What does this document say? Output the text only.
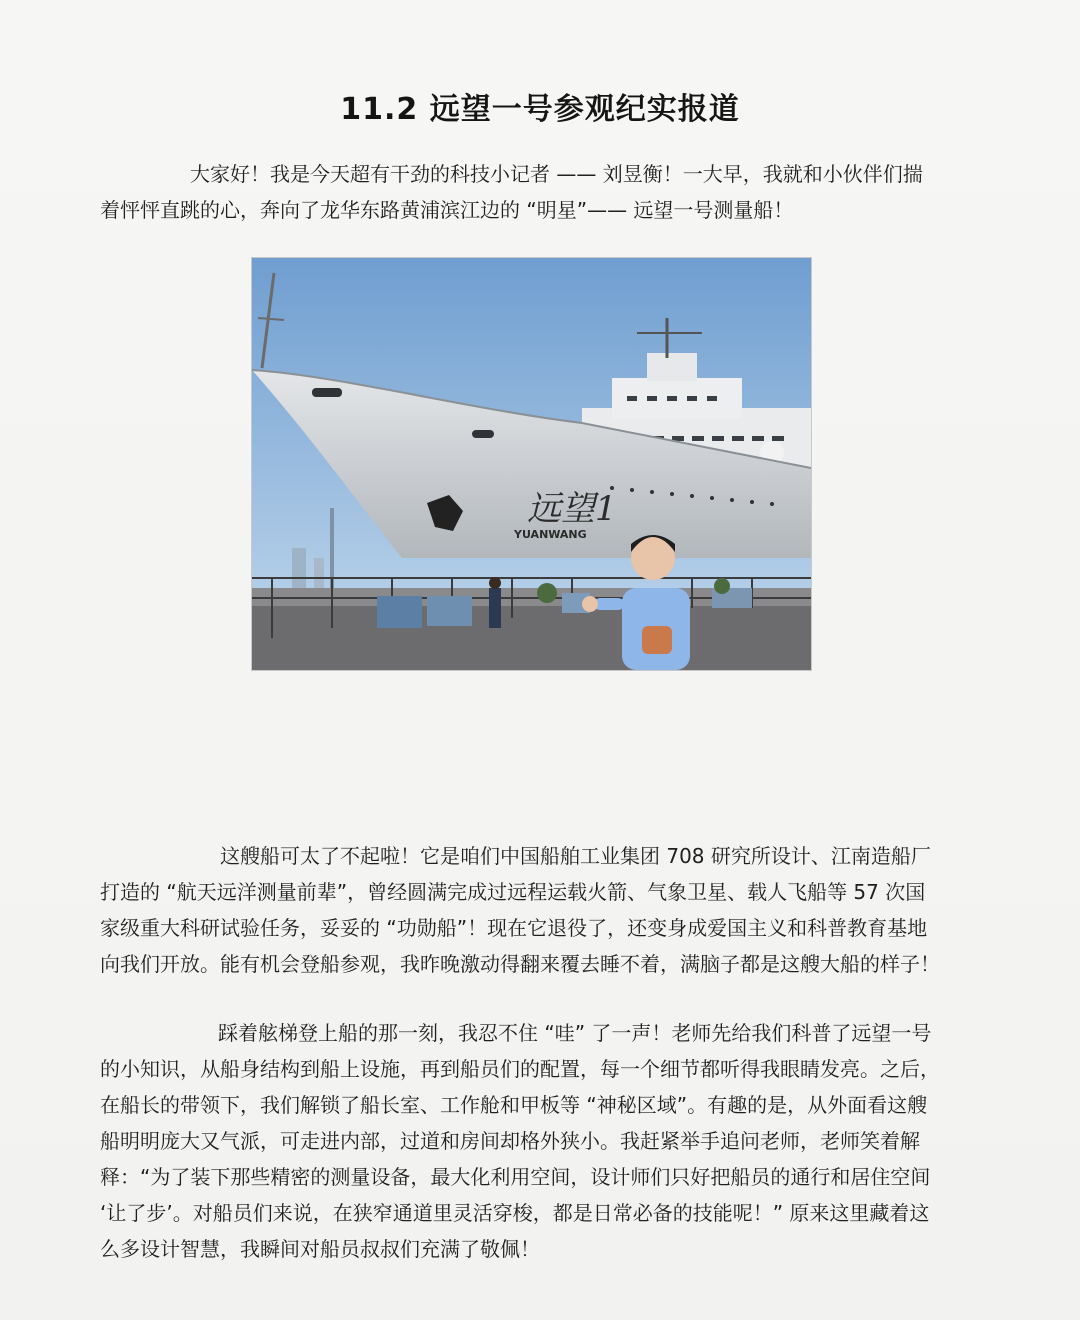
11.2 远望一号参观纪实报道

大家好！我是今天超有干劲的科技小记者 —— 刘昱衡！一大早，我就和小伙伴们揣
着怦怦直跳的心，奔向了龙华东路黄浦滨江边的 “明星”—— 远望一号测量船！

远望1
YUANWANG

这艘船可太了不起啦！它是咱们中国船舶工业集团 708 研究所设计、江南造船厂
打造的 “航天远洋测量前辈”，曾经圆满完成过远程运载火箭、气象卫星、载人飞船等 57 次国
家级重大科研试验任务，妥妥的 “功勋船”！现在它退役了，还变身成爱国主义和科普教育基地
向我们开放。能有机会登船参观，我昨晚激动得翻来覆去睡不着，满脑子都是这艘大船的样子！

踩着舷梯登上船的那一刻，我忍不住 “哇” 了一声！老师先给我们科普了远望一号
的小知识，从船身结构到船上设施，再到船员们的配置，每一个细节都听得我眼睛发亮。之后，
在船长的带领下，我们解锁了船长室、工作舱和甲板等 “神秘区域”。有趣的是，从外面看这艘
船明明庞大又气派，可走进内部，过道和房间却格外狭小。我赶紧举手追问老师，老师笑着解
释：“为了装下那些精密的测量设备，最大化利用空间，设计师们只好把船员的通行和居住空间
‘让了步’。对船员们来说，在狭窄通道里灵活穿梭，都是日常必备的技能呢！” 原来这里藏着这
么多设计智慧，我瞬间对船员叔叔们充满了敬佩！
